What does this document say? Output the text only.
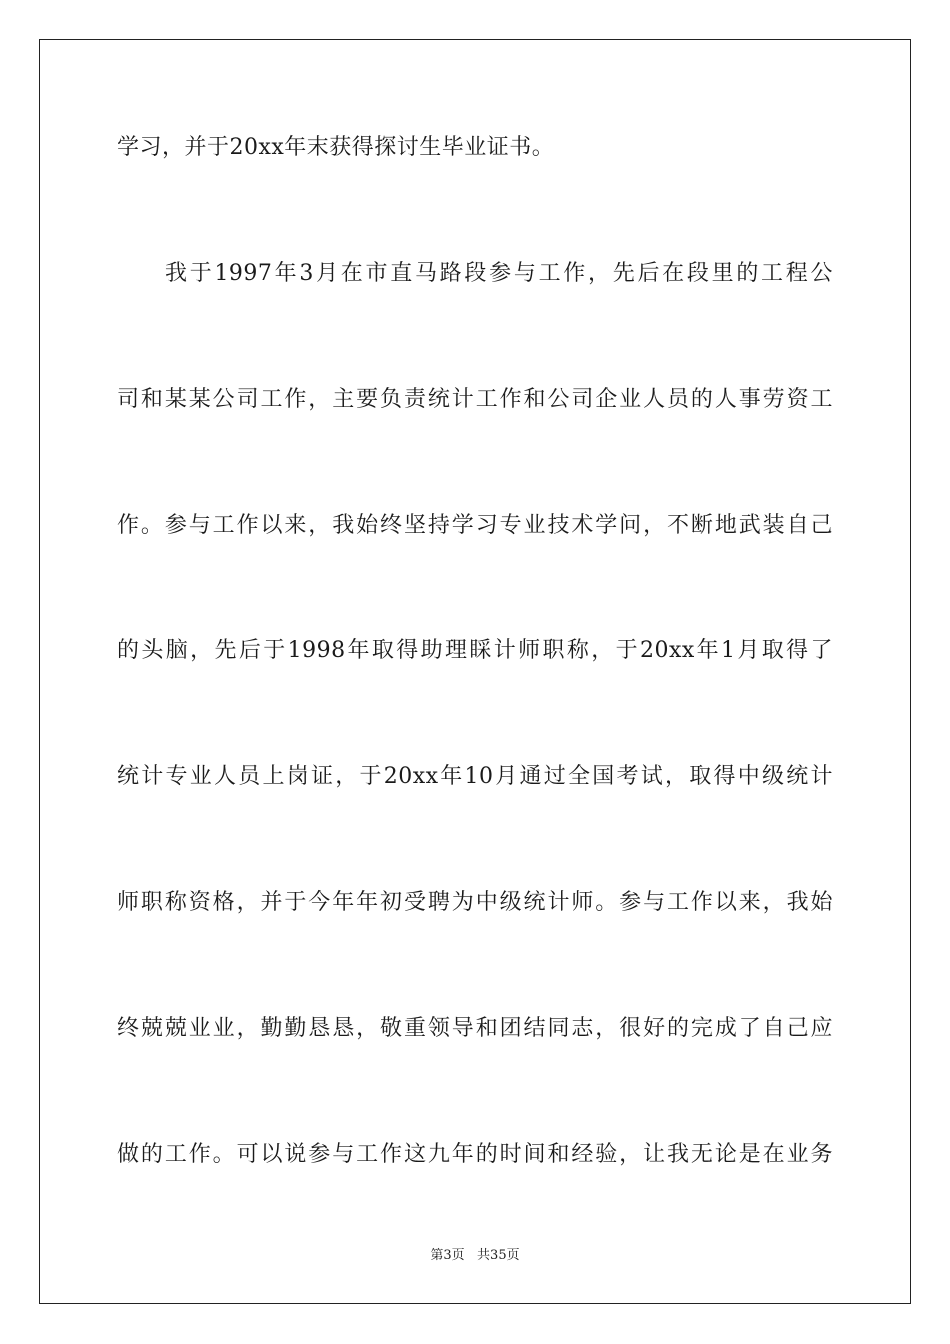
学习，并于20xx年末获得探讨生毕业证书。
我于1997年3月在市直马路段参与工作，先后在段里的工程公
司和某某公司工作，主要负责统计工作和公司企业人员的人事劳资工
作。参与工作以来，我始终坚持学习专业技术学问，不断地武装自己
的头脑，先后于1998年取得助理睬计师职称，于20xx年1月取得了
统计专业人员上岗证，于20xx年10月通过全国考试，取得中级统计
师职称资格，并于今年年初受聘为中级统计师。参与工作以来，我始
终兢兢业业，勤勤恳恳，敬重领导和团结同志，很好的完成了自己应
做的工作。可以说参与工作这九年的时间和经验，让我无论是在业务
第3页   共35页
